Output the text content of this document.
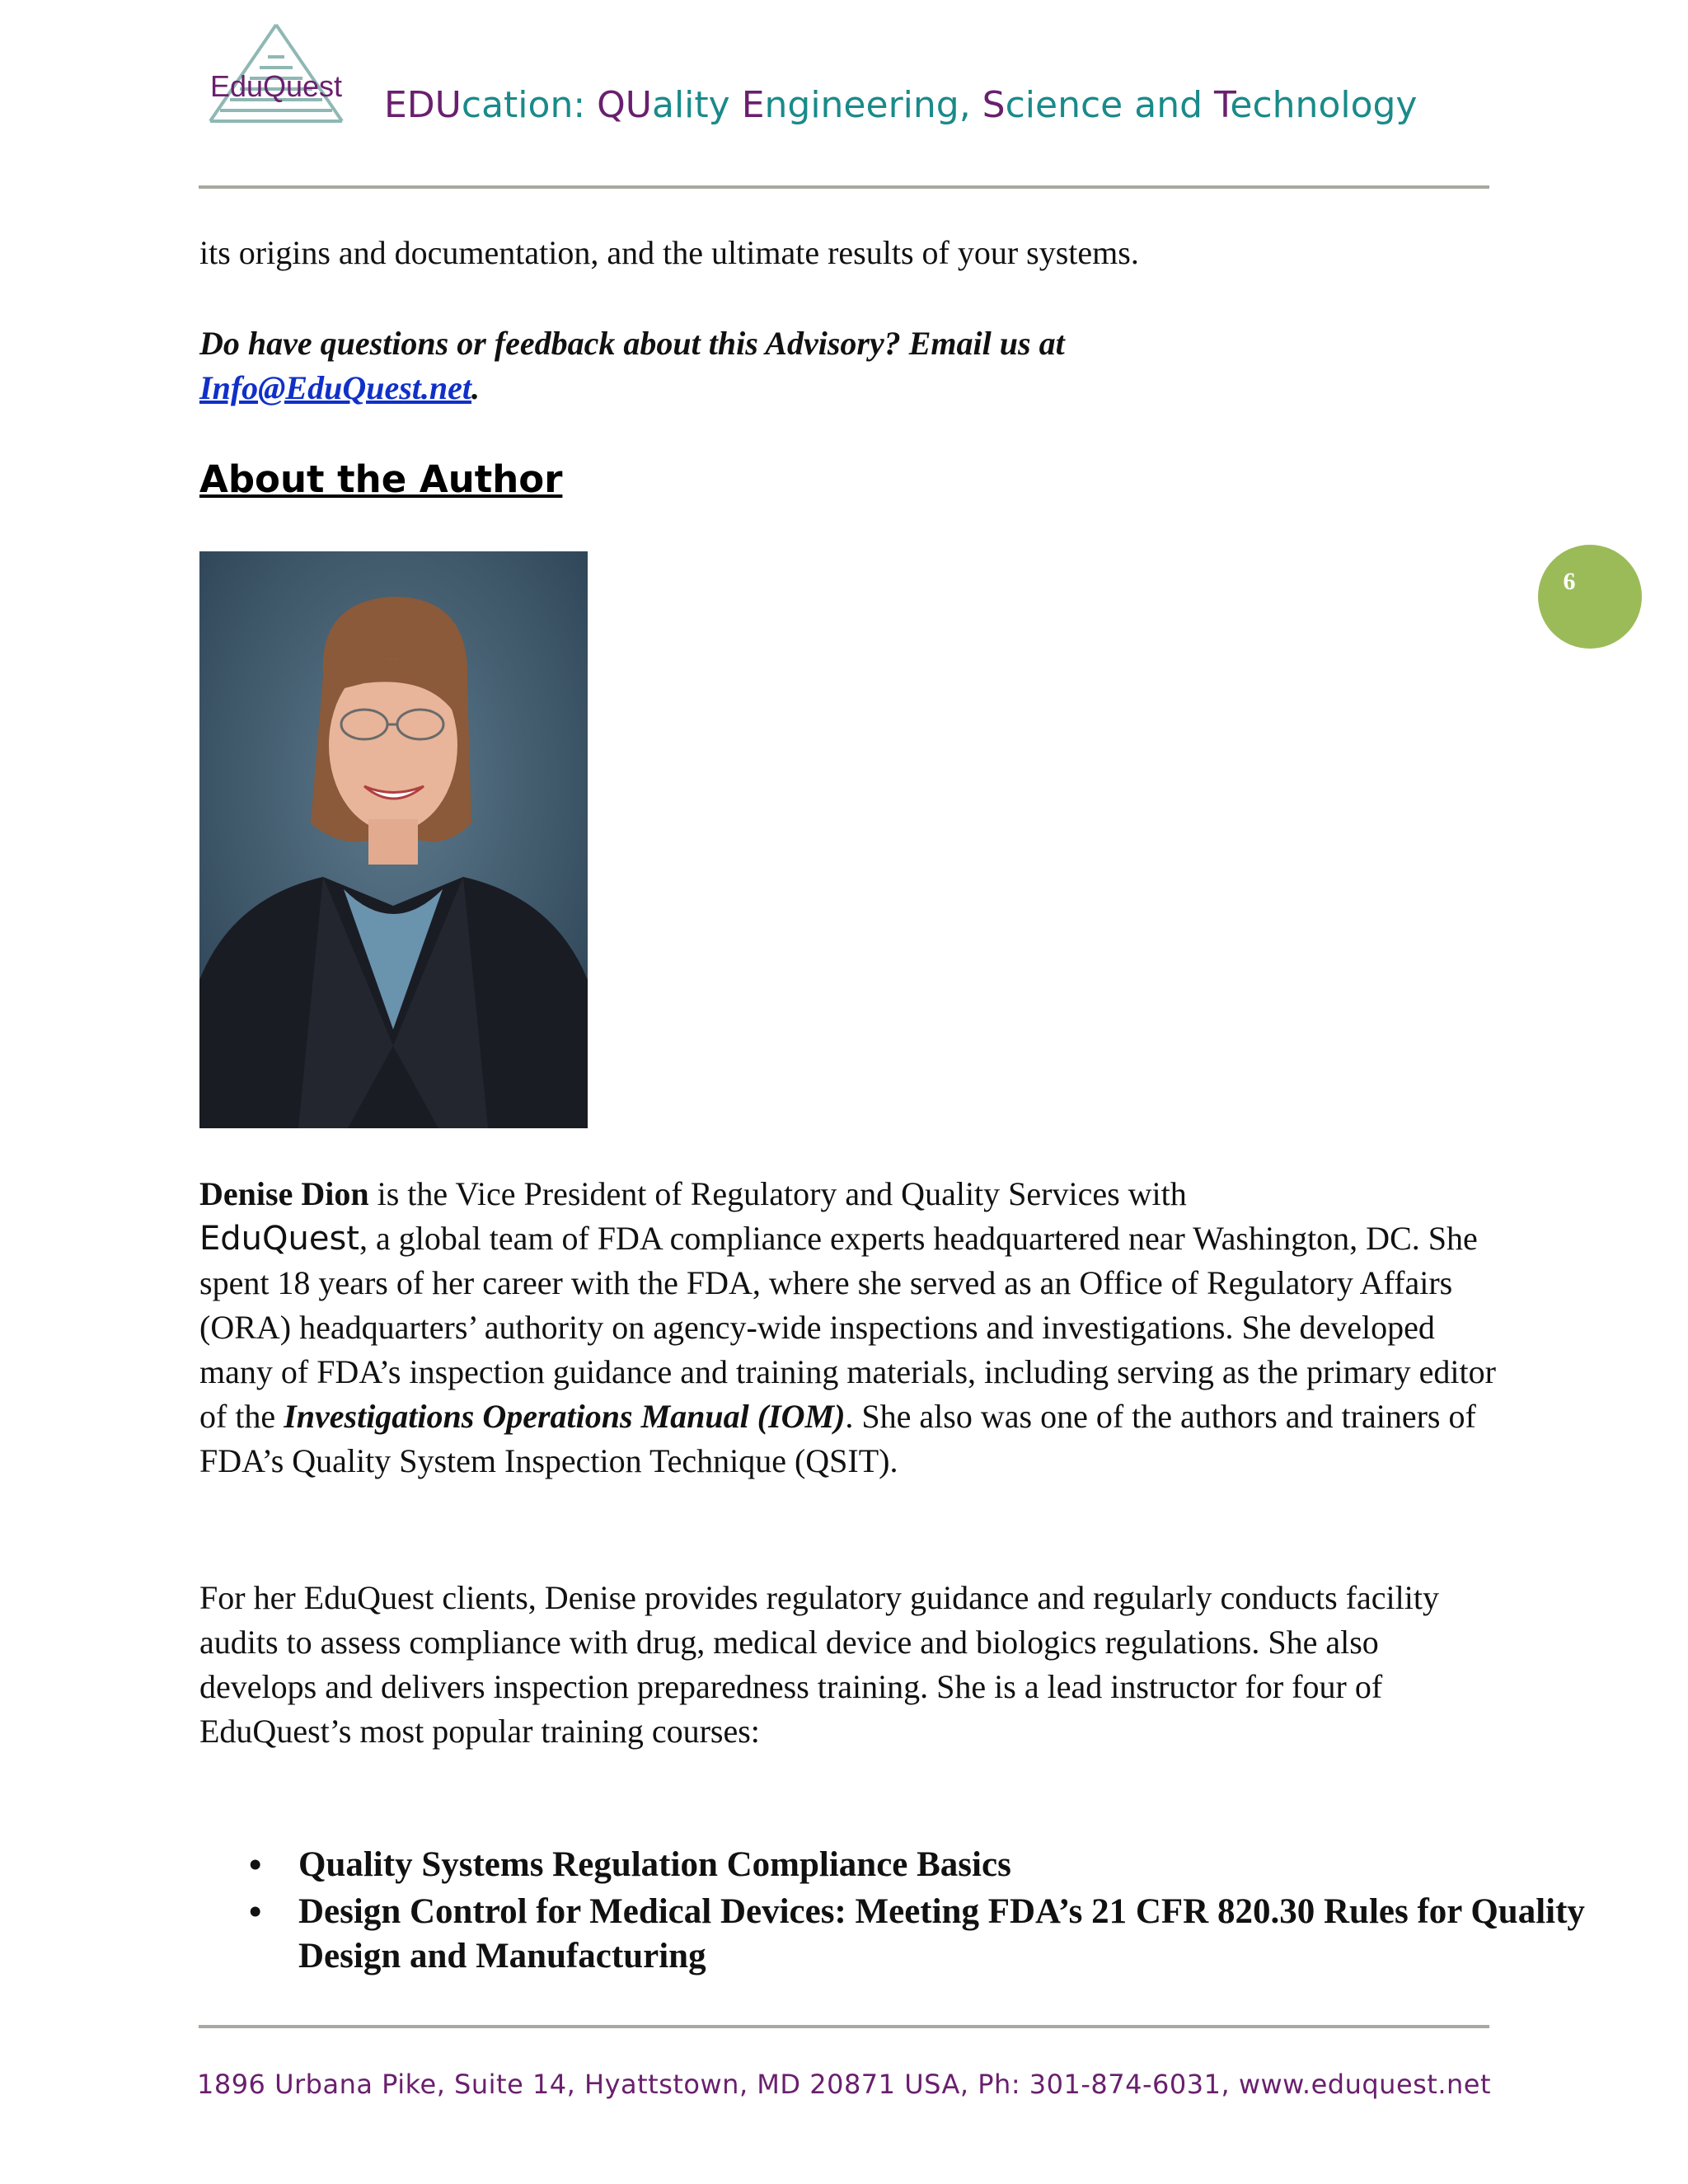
EduQuest EDUcation: QUality Engineering, Science and Technology
its origins and documentation, and the ultimate results of your systems.
Do have questions or feedback about this Advisory? Email us at
Info@EduQuest.net.
About the Author
6
Denise Dion is the Vice President of Regulatory and Quality Services with
EduQuest, a global team of FDA compliance experts headquartered near Washington, DC. She spent 18 years of her career with the FDA, where she served as an Office of Regulatory Affairs (ORA) headquarters’ authority on agency-wide inspections and investigations. She developed many of FDA’s inspection guidance and training materials, including serving as the primary editor of the Investigations Operations Manual (IOM). She also was one of the authors and trainers of FDA’s Quality System Inspection Technique (QSIT).
For her EduQuest clients, Denise provides regulatory guidance and regularly conducts facility audits to assess compliance with drug, medical device and biologics regulations. She also develops and delivers inspection preparedness training. She is a lead instructor for four of EduQuest’s most popular training courses:
• Quality Systems Regulation Compliance Basics
• Design Control for Medical Devices: Meeting FDA’s 21 CFR 820.30 Rules for Quality Design and Manufacturing
1896 Urbana Pike, Suite 14, Hyattstown, MD 20871 USA, Ph: 301-874-6031, www.eduquest.net
